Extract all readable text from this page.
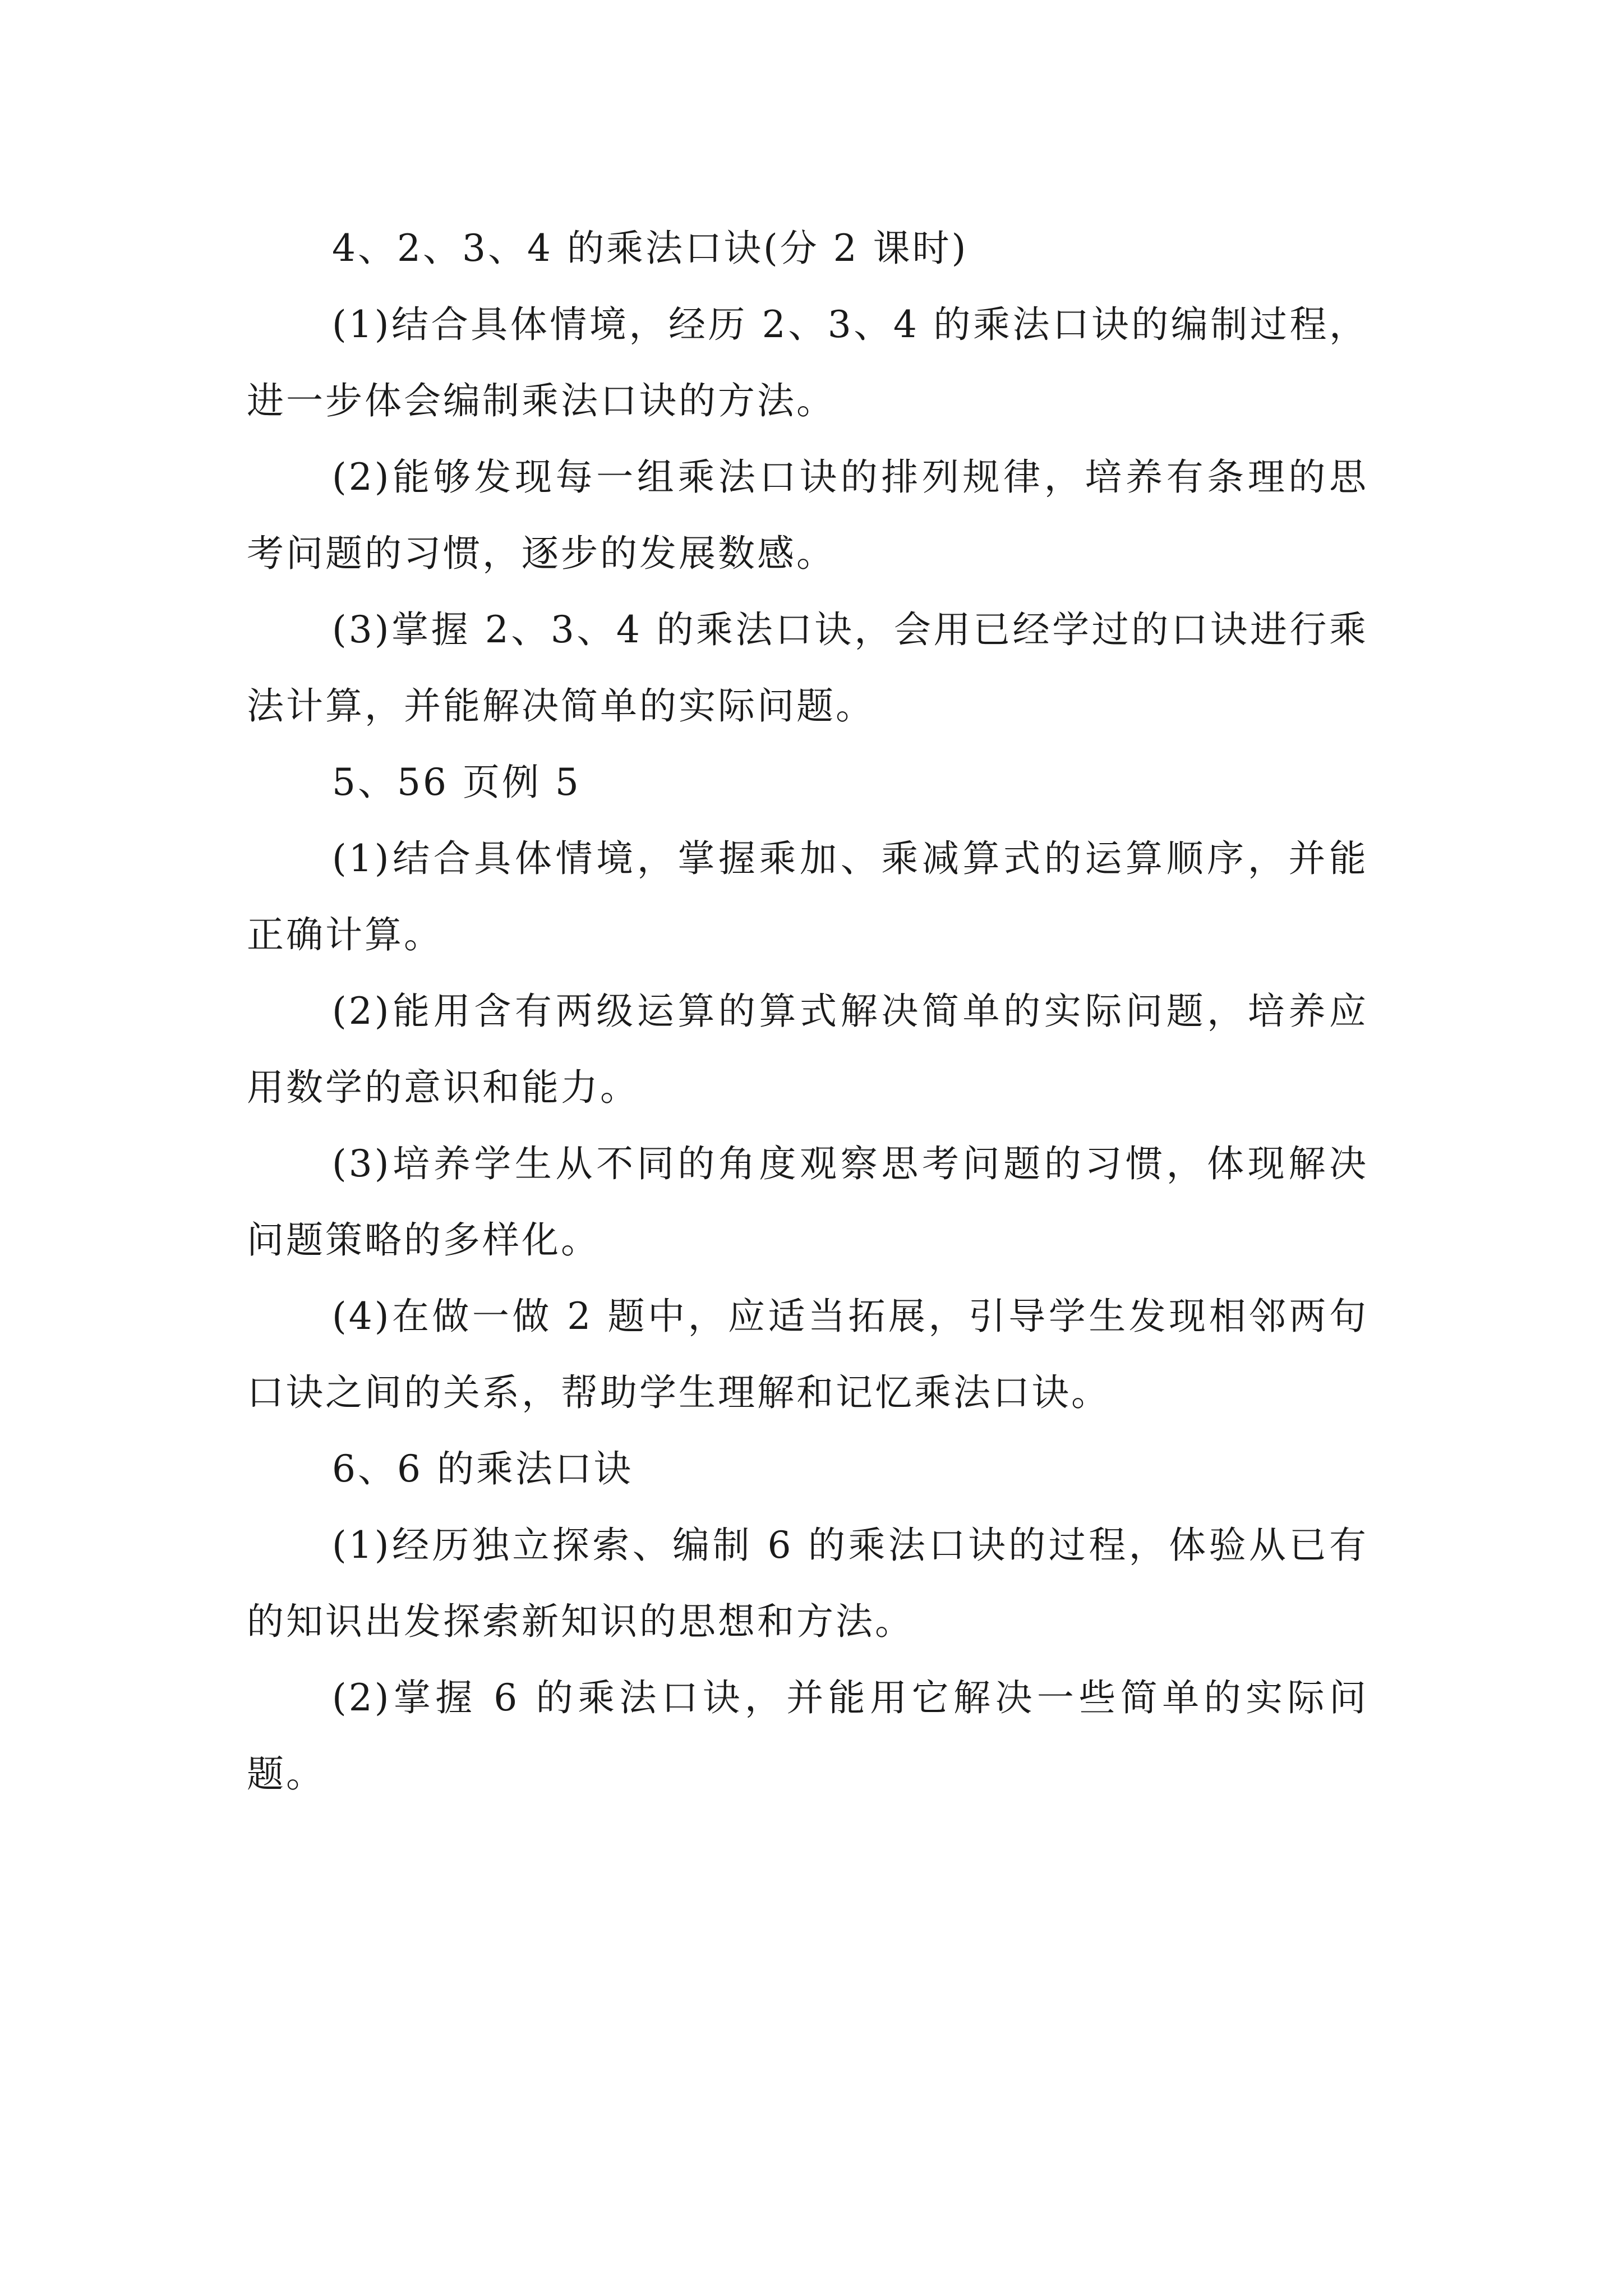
4、2、3、4 的乘法口诀(分 2 课时)

(1)结合具体情境，经历 2、3、4 的乘法口诀的编制过程，进一步体会编制乘法口诀的方法。

(2)能够发现每一组乘法口诀的排列规律，培养有条理的思考问题的习惯，逐步的发展数感。

(3)掌握 2、3、4 的乘法口诀，会用已经学过的口诀进行乘法计算，并能解决简单的实际问题。

5、56 页例 5

(1)结合具体情境，掌握乘加、乘减算式的运算顺序，并能正确计算。

(2)能用含有两级运算的算式解决简单的实际问题，培养应用数学的意识和能力。

(3)培养学生从不同的角度观察思考问题的习惯，体现解决问题策略的多样化。

(4)在做一做 2 题中，应适当拓展，引导学生发现相邻两句口诀之间的关系，帮助学生理解和记忆乘法口诀。

6、6 的乘法口诀

(1)经历独立探索、编制 6 的乘法口诀的过程，体验从已有的知识出发探索新知识的思想和方法。

(2)掌握 6 的乘法口诀，并能用它解决一些简单的实际问题。
